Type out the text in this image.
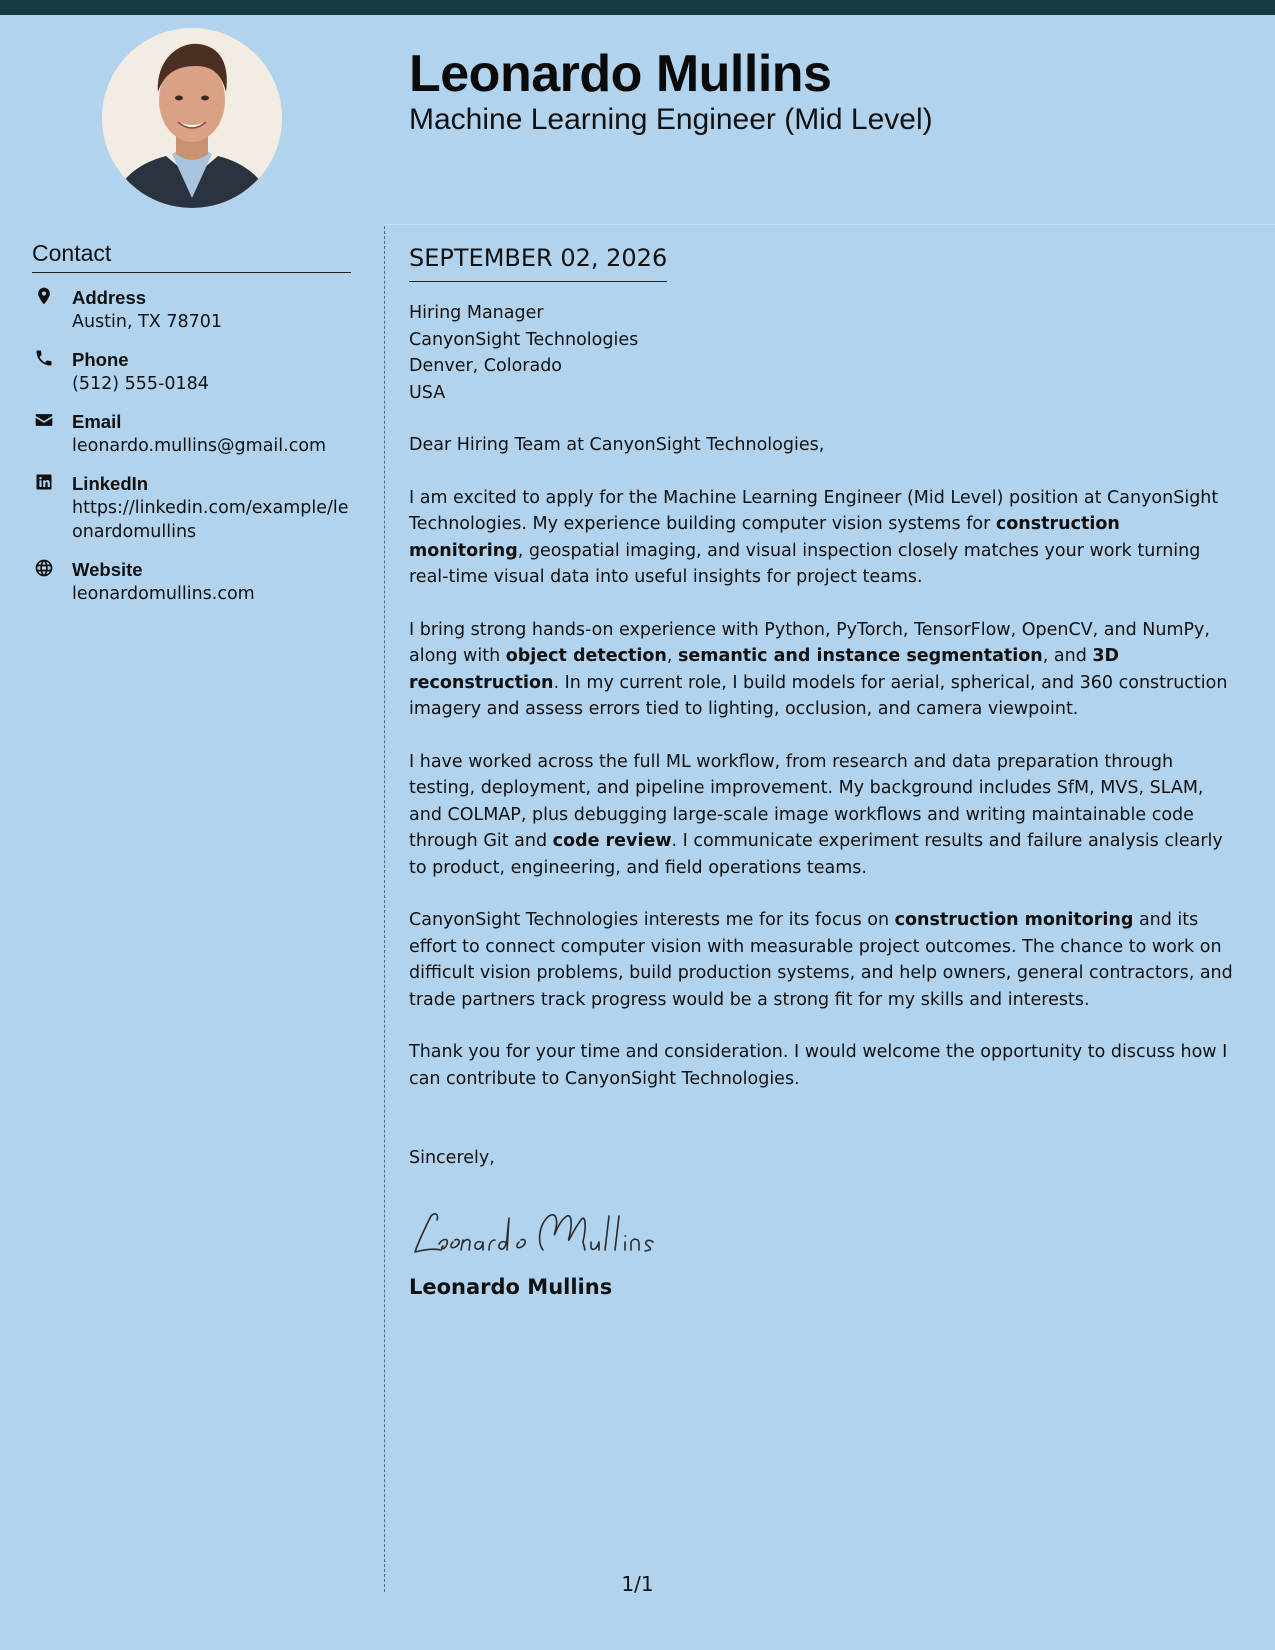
Leonardo Mullins
Machine Learning Engineer (Mid Level)
Contact
Address
Austin, TX 78701
Phone
(512) 555-0184
Email
leonardo.mullins@gmail.com
LinkedIn
https://linkedin.com/example/leonardomullins
Website
leonardomullins.com
SEPTEMBER 02, 2026
Hiring Manager
CanyonSight Technologies
Denver, Colorado
USA

Dear Hiring Team at CanyonSight Technologies,

I am excited to apply for the Machine Learning Engineer (Mid Level) position at CanyonSight Technologies. My experience building computer vision systems for construction monitoring, geospatial imaging, and visual inspection closely matches your work turning real-time visual data into useful insights for project teams.

I bring strong hands-on experience with Python, PyTorch, TensorFlow, OpenCV, and NumPy, along with object detection, semantic and instance segmentation, and 3D reconstruction. In my current role, I build models for aerial, spherical, and 360 construction imagery and assess errors tied to lighting, occlusion, and camera viewpoint.

I have worked across the full ML workflow, from research and data preparation through testing, deployment, and pipeline improvement. My background includes SfM, MVS, SLAM, and COLMAP, plus debugging large-scale image workflows and writing maintainable code through Git and code review. I communicate experiment results and failure analysis clearly to product, engineering, and field operations teams.

CanyonSight Technologies interests me for its focus on construction monitoring and its effort to connect computer vision with measurable project outcomes. The chance to work on difficult vision problems, build production systems, and help owners, general contractors, and trade partners track progress would be a strong fit for my skills and interests.

Thank you for your time and consideration. I would welcome the opportunity to discuss how I can contribute to CanyonSight Technologies.

Sincerely,

Leonardo Mullins
1/1
